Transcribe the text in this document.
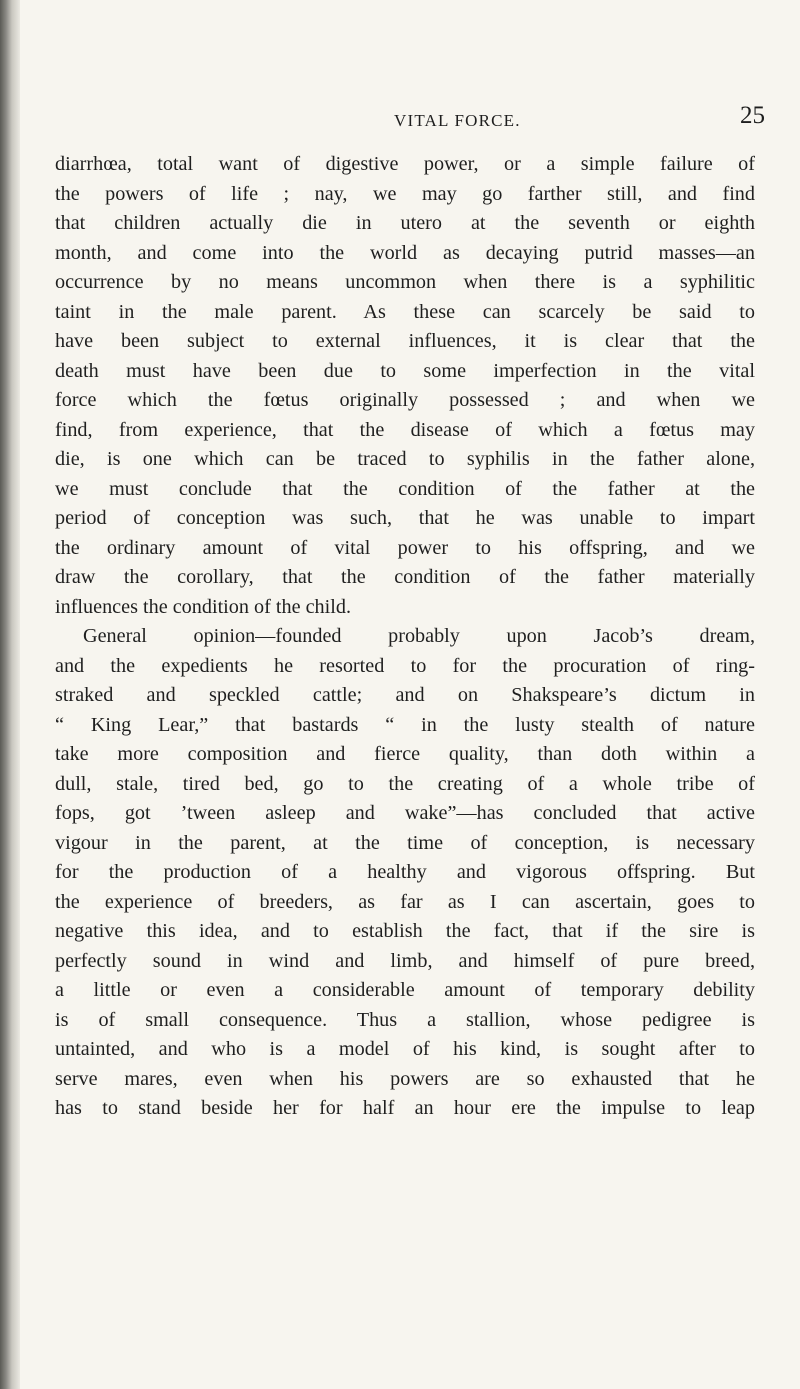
VITAL FORCE.	25
diarrhœa, total want of digestive power, or a simple failure of
the powers of life ; nay, we may go farther still, and find
that children actually die in utero at the seventh or eighth
month, and come into the world as decaying putrid masses—an
occurrence by no means uncommon when there is a syphilitic
taint in the male parent. As these can scarcely be said to
have been subject to external influences, it is clear that the
death must have been due to some imperfection in the vital
force which the fœtus originally possessed ; and when we
find, from experience, that the disease of which a fœtus may
die, is one which can be traced to syphilis in the father alone,
we must conclude that the condition of the father at the
period of conception was such, that he was unable to impart
the ordinary amount of vital power to his offspring, and we
draw the corollary, that the condition of the father materially
influences the condition of the child.
General opinion—founded probably upon Jacob’s dream,
and the expedients he resorted to for the procuration of ring-
straked and speckled cattle; and on Shakspeare’s dictum in
“ King Lear,” that bastards “ in the lusty stealth of nature
take more composition and fierce quality, than doth within a
dull, stale, tired bed, go to the creating of a whole tribe of
fops, got ’tween asleep and wake”—has concluded that active
vigour in the parent, at the time of conception, is necessary
for the production of a healthy and vigorous offspring. But
the experience of breeders, as far as I can ascertain, goes to
negative this idea, and to establish the fact, that if the sire is
perfectly sound in wind and limb, and himself of pure breed,
a little or even a considerable amount of temporary debility
is of small consequence. Thus a stallion, whose pedigree is
untainted, and who is a model of his kind, is sought after to
serve mares, even when his powers are so exhausted that he
has to stand beside her for half an hour ere the impulse to leap
